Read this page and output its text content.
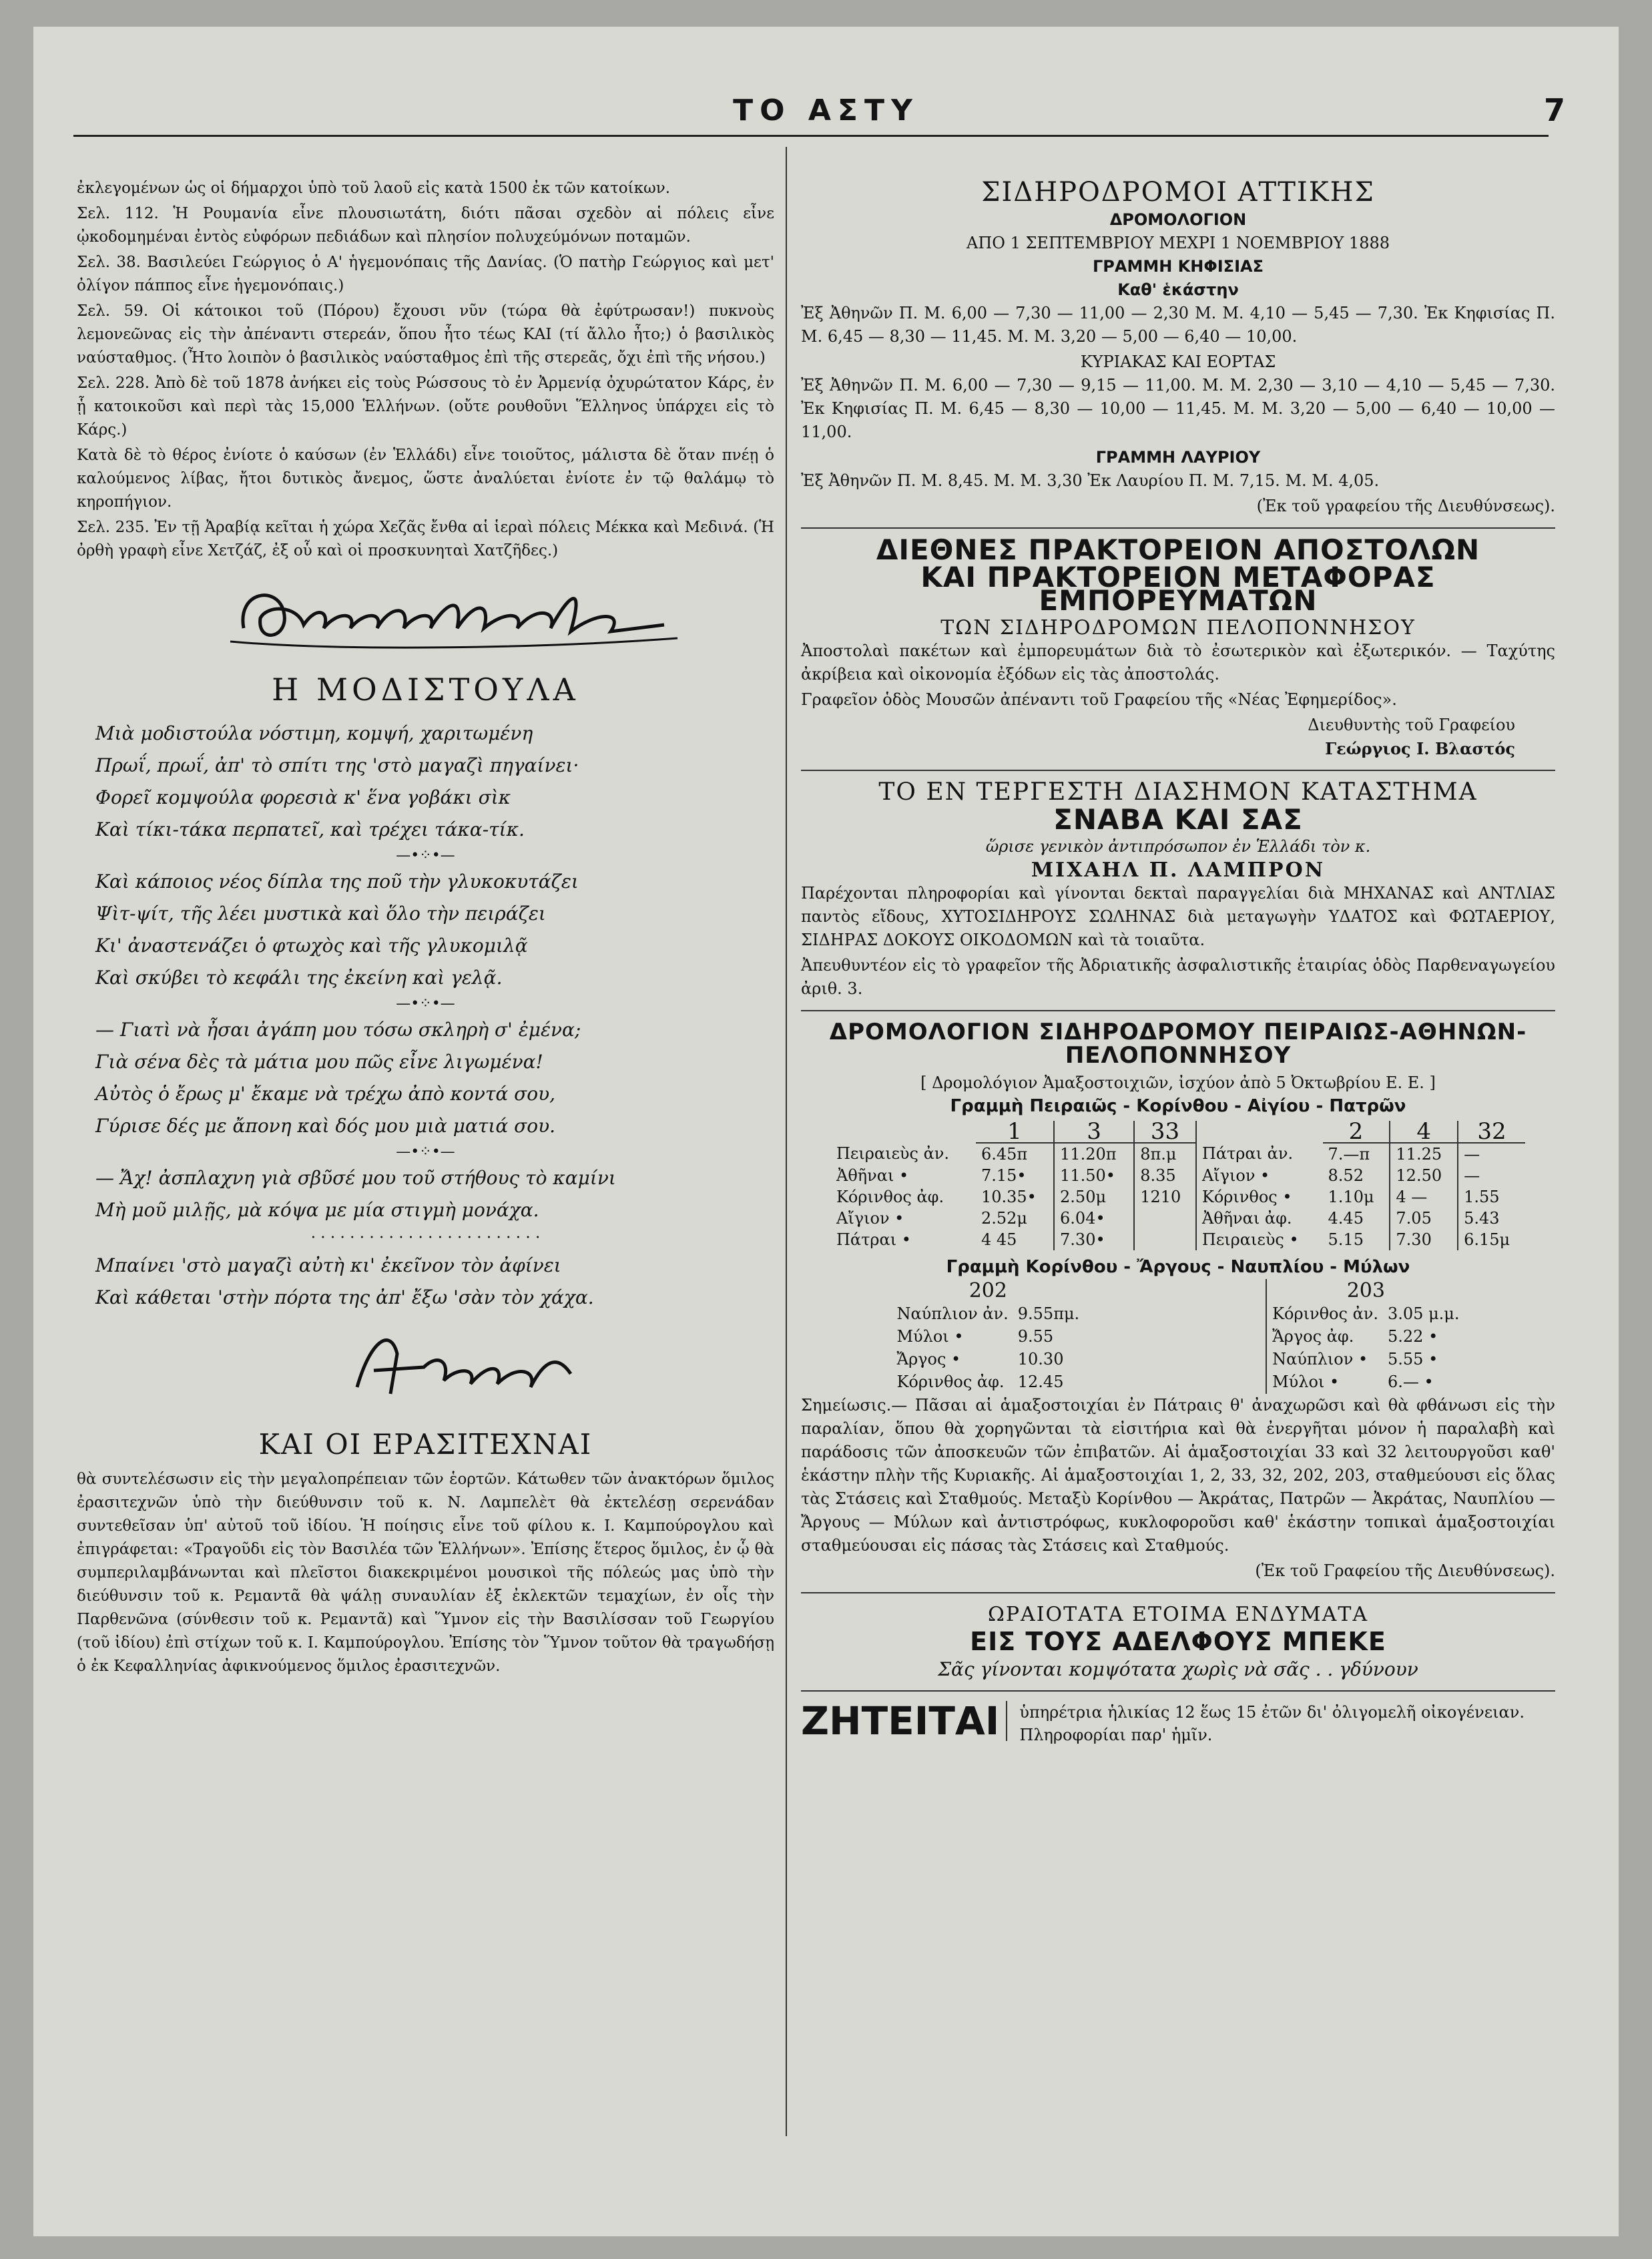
ΤΟ ΑΣΤΥ	7

ἐκλεγομένων ὡς οἱ δήμαρχοι ὑπὸ τοῦ λαοῦ εἰς κατὰ 1500 ἐκ τῶν κατοίκων.

Σελ. 112. Ἡ Ρουμανία εἶνε πλουσιωτάτη, διότι πᾶσαι σχεδὸν αἱ πόλεις εἶνε ᾠκοδομημέναι ἐντὸς εὐφόρων πεδιάδων καὶ πλησίον πολυχεύμόνων ποταμῶν.

Σελ. 38. Βασιλεύει Γεώργιος ὁ Α' ἡγεμονόπαις τῆς Δανίας. (Ὁ πατὴρ Γεώργιος καὶ μετ' ὀλίγον πάππος εἶνε ἡγεμονόπαις.)

Σελ. 59. Οἱ κάτοικοι τοῦ (Πόρου) ἔχουσι νῦν (τώρα θὰ ἐφύτρωσαν!) πυκνοὺς λεμονεῶνας εἰς τὴν ἀπέναντι στερεάν, ὅπου ἦτο τέως ΚΑΙ (τί ἄλλο ἦτο;) ὁ βασιλικὸς ναύσταθμος. (Ἦτο λοιπὸν ὁ βασιλικὸς ναύσταθμος ἐπὶ τῆς στερεᾶς, ὄχι ἐπὶ τῆς νήσου.)

Σελ. 228. Ἀπὸ δὲ τοῦ 1878 ἀνήκει εἰς τοὺς Ρώσσους τὸ ἐν Ἀρμενίᾳ ὀχυρώτατον Κάρς, ἐν ᾗ κατοικοῦσι καὶ περὶ τὰς 15,000 Ἑλλήνων. (οὔτε ρουθοῦνι Ἕλληνος ὑπάρχει εἰς τὸ Κάρς.)

Κατὰ δὲ τὸ θέρος ἐνίοτε ὁ καύσων (ἐν Ἑλλάδι) εἶνε τοιοῦτος, μάλιστα δὲ ὅταν πνέῃ ὁ καλούμενος λίβας, ἤτοι δυτικὸς ἄνεμος, ὥστε ἀναλύεται ἐνίοτε ἐν τῷ θαλάμῳ τὸ κηροπήγιον.

Σελ. 235. Ἐν τῇ Ἀραβίᾳ κεῖται ἡ χώρα Χεζᾶς ἔνθα αἱ ἱεραὶ πόλεις Μέκκα καὶ Μεδινά. (Ἡ ὀρθὴ γραφὴ εἶνε Χετζάζ, ἐξ οὗ καὶ οἱ προσκυνηταὶ Χατζῆδες.)

Η ΜΟΔΙΣΤΟΥΛΑ
Μιὰ μοδιστούλα νόστιμη, κομψή, χαριτωμένη
Πρωΐ, πρωΐ, ἀπ' τὸ σπίτι της 'στὸ μαγαζὶ πηγαίνει·
Φορεῖ κομψούλα φορεσιὰ κ' ἕνα γοβάκι σὶκ
Καὶ τίκι-τάκα περπατεῖ, καὶ τρέχει τάκα-τίκ.
—•⁘•—
Καὶ κάποιος νέος δίπλα της ποῦ τὴν γλυκοκυτάζει
Ψὶτ-ψίτ, τῆς λέει μυστικὰ καὶ ὅλο τὴν πειράζει
Κι' ἀναστενάζει ὁ φτωχὸς καὶ τῆς γλυκομιλᾷ
Καὶ σκύβει τὸ κεφάλι της ἐκείνη καὶ γελᾷ.
—•⁘•—
— Γιατὶ νὰ ἦσαι ἀγάπη μου τόσω σκληρὴ σ' ἐμένα;
Γιὰ σένα δὲς τὰ μάτια μου πῶς εἶνε λιγωμένα!
Αὐτὸς ὁ ἔρως μ' ἔκαμε νὰ τρέχω ἀπὸ κοντά σου,
Γύρισε δές με ἄπονη καὶ δός μου μιὰ ματιά σου.
—•⁘•—
— Ἄχ! ἀσπλαχνη γιὰ σβῦσέ μου τοῦ στήθους τὸ καμίνι
Μὴ μοῦ μιλῇς, μὰ κόψα με μία στιγμὴ μονάχα.
· · · · · · · · · · · · · · · · · · · · · · · ·
Μπαίνει 'στὸ μαγαζὶ αὐτὴ κι' ἐκεῖνον τὸν ἀφίνει
Καὶ κάθεται 'στὴν πόρτα της ἀπ' ἔξω 'σὰν τὸν χάχα.
ΚΑΙ ΟΙ ΕΡΑΣΙΤΕΧΝΑΙ

θὰ συντελέσωσιν εἰς τὴν μεγαλοπρέπειαν τῶν ἑορτῶν. Κάτωθεν τῶν ἀνακτόρων ὅμιλος ἐρασιτεχνῶν ὑπὸ τὴν διεύθυνσιν τοῦ κ. Ν. Λαμπελὲτ θὰ ἐκτελέσῃ σερενάδαν συντεθεῖσαν ὑπ' αὐτοῦ τοῦ ἰδίου. Ἡ ποίησις εἶνε τοῦ φίλου κ. Ι. Καμπούρογλου καὶ ἐπιγράφεται: «Τραγοῦδι εἰς τὸν Βασιλέα τῶν Ἑλλήνων». Ἐπίσης ἕτερος ὅμιλος, ἐν ᾧ θὰ συμπεριλαμβάνωνται καὶ πλεῖστοι διακεκριμένοι μουσικοὶ τῆς πόλεώς μας ὑπὸ τὴν διεύθυνσιν τοῦ κ. Ρεμαντᾶ θὰ ψάλῃ συναυλίαν ἐξ ἐκλεκτῶν τεμαχίων, ἐν οἷς τὴν Παρθενῶνα (σύνθεσιν τοῦ κ. Ρεμαντᾶ) καὶ Ὕμνον εἰς τὴν Βασιλίσσαν τοῦ Γεωργίου (τοῦ ἰδίου) ἐπὶ στίχων τοῦ κ. Ι. Καμπούρογλου. Ἐπίσης τὸν Ὕμνον τοῦτον θὰ τραγωδήσῃ ὁ ἐκ Κεφαλληνίας ἀφικνούμενος ὅμιλος ἐρασιτεχνῶν.

ΣΙΔΗΡΟΔΡΟΜΟΙ ΑΤΤΙΚΗΣ
ΔΡΟΜΟΛΟΓΙΟΝ
ΑΠΟ 1 ΣΕΠΤΕΜΒΡΙΟΥ ΜΕΧΡΙ 1 ΝΟΕΜΒΡΙΟΥ 1888
ΓΡΑΜΜΗ ΚΗΦΙΣΙΑΣ
Καθ' ἑκάστην

Ἐξ Ἀθηνῶν Π. Μ. 6,00 — 7,30 — 11,00 — 2,30 Μ. Μ. 4,10 — 5,45 — 7,30. Ἐκ Κηφισίας Π. Μ. 6,45 — 8,30 — 11,45. Μ. Μ. 3,20 — 5,00 — 6,40 — 10,00.

ΚΥΡΙΑΚΑΣ ΚΑΙ ΕΟΡΤΑΣ

Ἐξ Ἀθηνῶν Π. Μ. 6,00 — 7,30 — 9,15 — 11,00. Μ. Μ. 2,30 — 3,10 — 4,10 — 5,45 — 7,30. Ἐκ Κηφισίας Π. Μ. 6,45 — 8,30 — 10,00 — 11,45. Μ. Μ. 3,20 — 5,00 — 6,40 — 10,00 — 11,00.

ΓΡΑΜΜΗ ΛΑΥΡΙΟΥ

Ἐξ Ἀθηνῶν Π. Μ. 8,45. Μ. Μ. 3,30 Ἐκ Λαυρίου Π. Μ. 7,15. Μ. Μ. 4,05.

(Ἐκ τοῦ γραφείου τῆς Διευθύνσεως).
ΔΙΕΘΝΕΣ ΠΡΑΚΤΟΡΕΙΟΝ ΑΠΟΣΤΟΛΩΝ
ΚΑΙ ΠΡΑΚΤΟΡΕΙΟΝ ΜΕΤΑΦΟΡΑΣ ΕΜΠΟΡΕΥΜΑΤΩΝ
ΤΩΝ ΣΙΔΗΡΟΔΡΟΜΩΝ ΠΕΛΟΠΟΝΝΗΣΟΥ

Ἀποστολαὶ πακέτων καὶ ἐμπορευμάτων διὰ τὸ ἐσωτερικὸν καὶ ἐξωτερικόν. — Ταχύτης ἀκρίβεια καὶ οἰκονομία ἐξόδων εἰς τὰς ἀποστολάς.

Γραφεῖον ὁδὸς Μουσῶν ἀπέναντι τοῦ Γραφείου τῆς «Νέας Ἐφημερίδος».

Διευθυντὴς τοῦ Γραφείου
Γεώργιος Ι. Βλαστός
ΤΟ ΕΝ ΤΕΡΓΕΣΤΗ ΔΙΑΣΗΜΟΝ ΚΑΤΑΣΤΗΜΑ
ΣΝΑΒΑ ΚΑΙ ΣΑΣ
ὥρισε γενικὸν ἀντιπρόσωπον ἐν Ἑλλάδι τὸν κ.
ΜΙΧΑΗΛ Π. ΛΑΜΠΡΟΝ

Παρέχονται πληροφορίαι καὶ γίνονται δεκταὶ παραγγελίαι διὰ ΜΗΧΑΝΑΣ καὶ ΑΝΤΛΙΑΣ παντὸς εἴδους, ΧΥΤΟΣΙΔΗΡΟΥΣ ΣΩΛΗΝΑΣ διὰ μεταγωγὴν ΥΔΑΤΟΣ καὶ ΦΩΤΑΕΡΙΟΥ, ΣΙΔΗΡΑΣ ΔΟΚΟΥΣ ΟΙΚΟΔΟΜΩΝ καὶ τὰ τοιαῦτα.

Ἀπευθυντέον εἰς τὸ γραφεῖον τῆς Ἀδριατικῆς ἀσφαλιστικῆς ἑταιρίας ὁδὸς Παρθεναγωγείου ἀριθ. 3.

ΔΡΟΜΟΛΟΓΙΟΝ ΣΙΔΗΡΟΔΡΟΜΟΥ ΠΕΙΡΑΙΩΣ-ΑΘΗΝΩΝ-ΠΕΛΟΠΟΝΝΗΣΟΥ
[ Δρομολόγιον Ἀμαξοστοιχιῶν, ἰσχύον ἀπὸ 5 Ὀκτωβρίου Ε. Ε. ]
Γραμμὴ Πειραιῶς - Κορίνθου - Αἰγίου - Πατρῶν
	1	3	33		2	4	32
Πειραιεὺς ἀν.	6.45π	11.20π	8π.μ	Πάτραι ἀν.	7.—π	11.25	—
Ἀθῆναι •	7.15•	11.50•	8.35	Αἴγιον •	8.52	12.50	—
Κόρινθος ἀφ.	10.35•	2.50μ	1210	Κόρινθος •	1.10μ	4 —	1.55
Αἴγιον •	2.52μ	6.04•		Ἀθῆναι ἀφ.	4.45	7.05	5.43
Πάτραι •	4 45	7.30•		Πειραιεὺς •	5.15	7.30	6.15μ
Γραμμὴ Κορίνθου - Ἄργους - Ναυπλίου - Μύλων
202	
Ναύπλιον ἀν.	9.55πμ.
Μύλοι •	9.55
Ἄργος •	10.30
Κόρινθος ἀφ.	12.45
203	
Κόρινθος ἀν.	3.05 μ.μ.
Ἄργος ἀφ.	5.22 •
Ναύπλιον •	5.55 •
Μύλοι •	6.— •

Σημείωσις.— Πᾶσαι αἱ ἁμαξοστοιχίαι ἐν Πάτραις θ' ἀναχωρῶσι καὶ θὰ φθάνωσι εἰς τὴν παραλίαν, ὅπου θὰ χορηγῶνται τὰ εἰσιτήρια καὶ θὰ ἐνεργῆται μόνον ἡ παραλαβὴ καὶ παράδοσις τῶν ἀποσκευῶν τῶν ἐπιβατῶν. Αἱ ἁμαξοστοιχίαι 33 καὶ 32 λειτουργοῦσι καθ' ἑκάστην πλὴν τῆς Κυριακῆς. Αἱ ἁμαξοστοιχίαι 1, 2, 33, 32, 202, 203, σταθμεύουσι εἰς ὅλας τὰς Στάσεις καὶ Σταθμούς. Μεταξὺ Κορίνθου — Ἀκράτας, Πατρῶν — Ἀκράτας, Ναυπλίου — Ἄργους — Μύλων καὶ ἀντιστρόφως, κυκλοφοροῦσι καθ' ἑκάστην τοπικαὶ ἁμαξοστοιχίαι σταθμεύουσαι εἰς πάσας τὰς Στάσεις καὶ Σταθμούς.

(Ἐκ τοῦ Γραφείου τῆς Διευθύνσεως).
ΩΡΑΙΟΤΑΤΑ ΕΤΟΙΜΑ ΕΝΔΥΜΑΤΑ
ΕΙΣ ΤΟΥΣ ΑΔΕΛΦΟΥΣ ΜΠΕΚΕ
Σᾶς γίνονται κομψότατα χωρὶς νὰ σᾶς . . γδύνουν
ΖΗΤΕΙΤΑΙ	ὑπηρέτρια ἡλικίας 12 ἕως 15 ἐτῶν δι' ὀλιγομελῆ οἰκογένειαν. Πληροφορίαι παρ' ἡμῖν.
